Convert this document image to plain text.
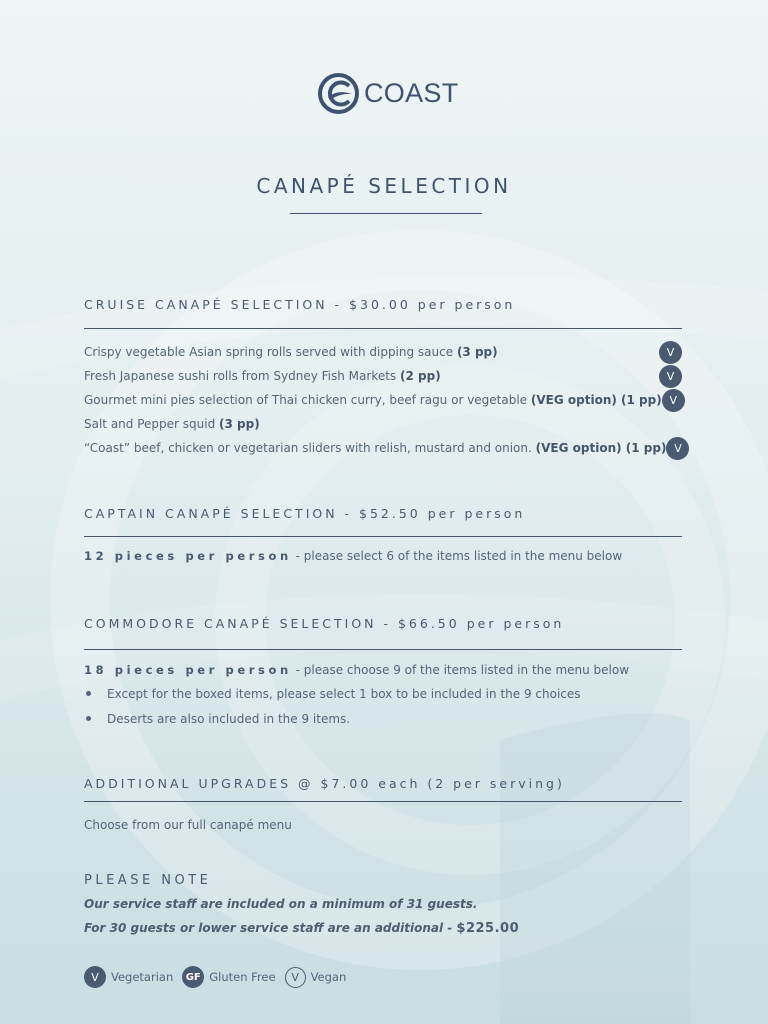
COAST
CANAPÉ SELECTION
CRUISE CANAPÉ SELECTION - $30.00 per person
Crispy vegetable Asian spring rolls served with dipping sauce (3 pp)	V
Fresh Japanese sushi rolls from Sydney Fish Markets (2 pp)	V
Gourmet mini pies selection of Thai chicken curry, beef ragu or vegetable (VEG option) (1 pp) V
Salt and Pepper squid (3 pp)
“Coast” beef, chicken or vegetarian sliders with relish, mustard and onion. (VEG option) (1 pp) V
CAPTAIN CANAPÉ SELECTION - $52.50 per person
12 pieces per person - please select 6 of the items listed in the menu below
COMMODORE CANAPÉ SELECTION - $66.50 per person
18 pieces per person - please choose 9 of the items listed in the menu below
Except for the boxed items, please select 1 box to be included in the 9 choices
Deserts are also included in the 9 items.
ADDITIONAL UPGRADES @ $7.00 each (2 per serving)
Choose from our full canapé menu
PLEASE NOTE
Our service staff are included on a minimum of 31 guests.
For 30 guests or lower service staff are an additional - $225.00
V	Vegetarian	GF Gluten Free	V	Vegan
